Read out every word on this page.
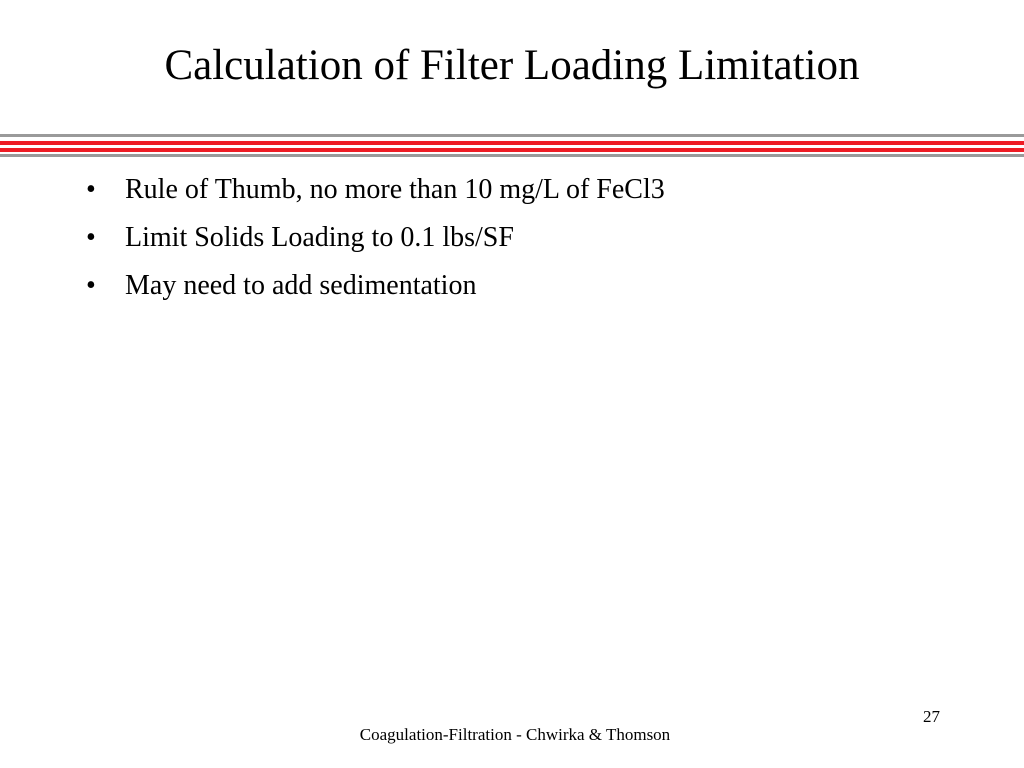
Calculation of Filter Loading Limitation
• Rule of Thumb, no more than 10 mg/L of FeCl3
• Limit Solids Loading to 0.1 lbs/SF
• May need to add sedimentation
27
Coagulation-Filtration - Chwirka & Thomson
